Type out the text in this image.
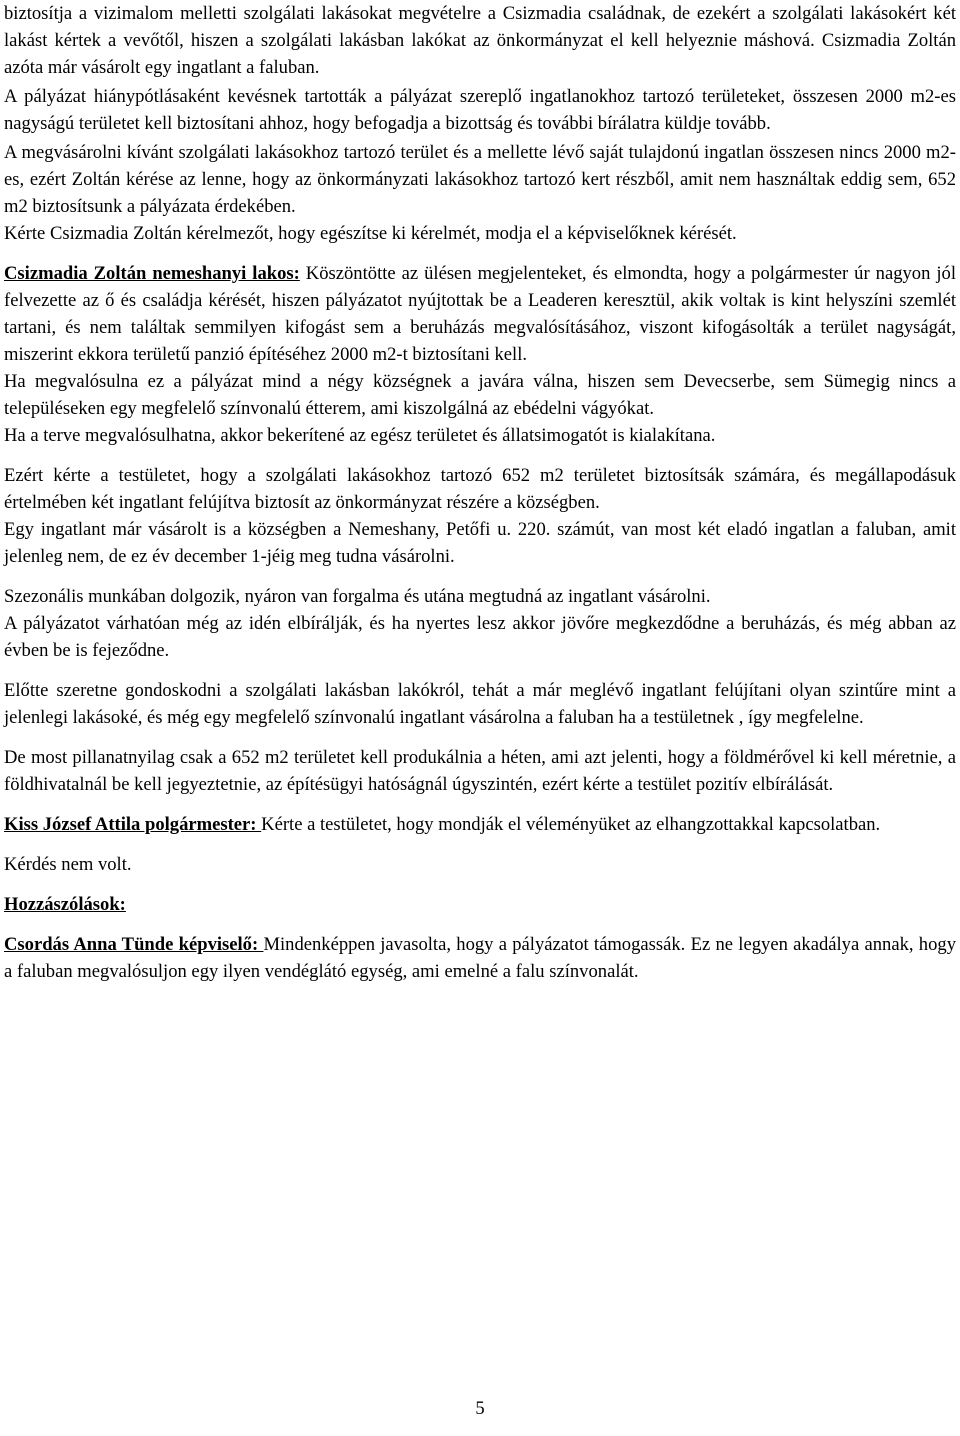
biztosítja a vizimalom melletti szolgálati lakásokat megvételre a Csizmadia családnak, de ezekért a szolgálati lakásokért két lakást kértek a vevőtől, hiszen a szolgálati lakásban lakókat az önkormányzat el kell helyeznie máshová. Csizmadia Zoltán azóta már vásárolt egy ingatlant a faluban.

A pályázat hiánypótlásaként kevésnek tartották a pályázat szereplő ingatlanokhoz tartozó területeket, összesen 2000 m2-es nagyságú területet kell biztosítani ahhoz, hogy befogadja a bizottság és további bírálatra küldje tovább.

A megvásárolni kívánt szolgálati lakásokhoz tartozó terület és a mellette lévő saját tulajdonú ingatlan összesen nincs 2000 m2-es, ezért Zoltán kérése az lenne, hogy az önkormányzati lakásokhoz tartozó kert részből, amit nem használtak eddig sem, 652 m2 biztosítsunk a pályázata érdekében.

Kérte Csizmadia Zoltán kérelmezőt, hogy egészítse ki kérelmét, modja el a képviselőknek kérését.

Csizmadia Zoltán nemeshanyi lakos: Köszöntötte az ülésen megjelenteket, és elmondta, hogy a polgármester úr nagyon jól felvezette az ő és családja kérését, hiszen pályázatot nyújtottak be a Leaderen keresztül, akik voltak is kint helyszíni szemlét tartani, és nem találtak semmilyen kifogást sem a beruházás megvalósításához, viszont kifogásolták a terület nagyságát, miszerint ekkora területű panzió építéséhez 2000 m2-t biztosítani kell.

Ha megvalósulna ez a pályázat mind a négy községnek a javára válna, hiszen sem Devecserbe, sem Sümegig nincs a településeken egy megfelelő színvonalú étterem, ami kiszolgálná az ebédelni vágyókat.

Ha a terve megvalósulhatna, akkor bekerítené az egész területet és állatsimogatót is kialakítana.

Ezért kérte a testületet, hogy a szolgálati lakásokhoz tartozó 652 m2 területet biztosítsák számára, és megállapodásuk értelmében két ingatlant felújítva biztosít az önkormányzat részére a községben.

Egy ingatlant már vásárolt is a községben a Nemeshany, Petőfi u. 220. számút, van most két eladó ingatlan a faluban, amit jelenleg nem, de ez év december 1-jéig meg tudna vásárolni.

Szezonális munkában dolgozik, nyáron van forgalma és utána megtudná az ingatlant vásárolni.

A pályázatot várhatóan még az idén elbírálják, és ha nyertes lesz akkor jövőre megkezdődne a beruházás, és még abban az évben be is fejeződne.

Előtte szeretne gondoskodni a szolgálati lakásban lakókról, tehát a már meglévő ingatlant felújítani olyan szintűre mint a jelenlegi lakásoké, és még egy megfelelő színvonalú ingatlant vásárolna a faluban ha a testületnek , így megfelelne.

De most pillanatnyilag csak a 652 m2 területet kell produkálnia a héten, ami azt jelenti, hogy a földmérővel ki kell méretnie, a földhivatalnál be kell jegyeztetnie, az építésügyi hatóságnál úgyszintén, ezért kérte a testület pozitív elbírálását.

Kiss József Attila polgármester: Kérte a testületet, hogy mondják el véleményüket az elhangzottakkal kapcsolatban.

Kérdés nem volt.

Hozzászólások:

Csordás Anna Tünde képviselő: Mindenképpen javasolta, hogy a pályázatot támogassák. Ez ne legyen akadálya annak, hogy a faluban megvalósuljon egy ilyen vendéglátó egység, ami emelné a falu színvonalát.

5
